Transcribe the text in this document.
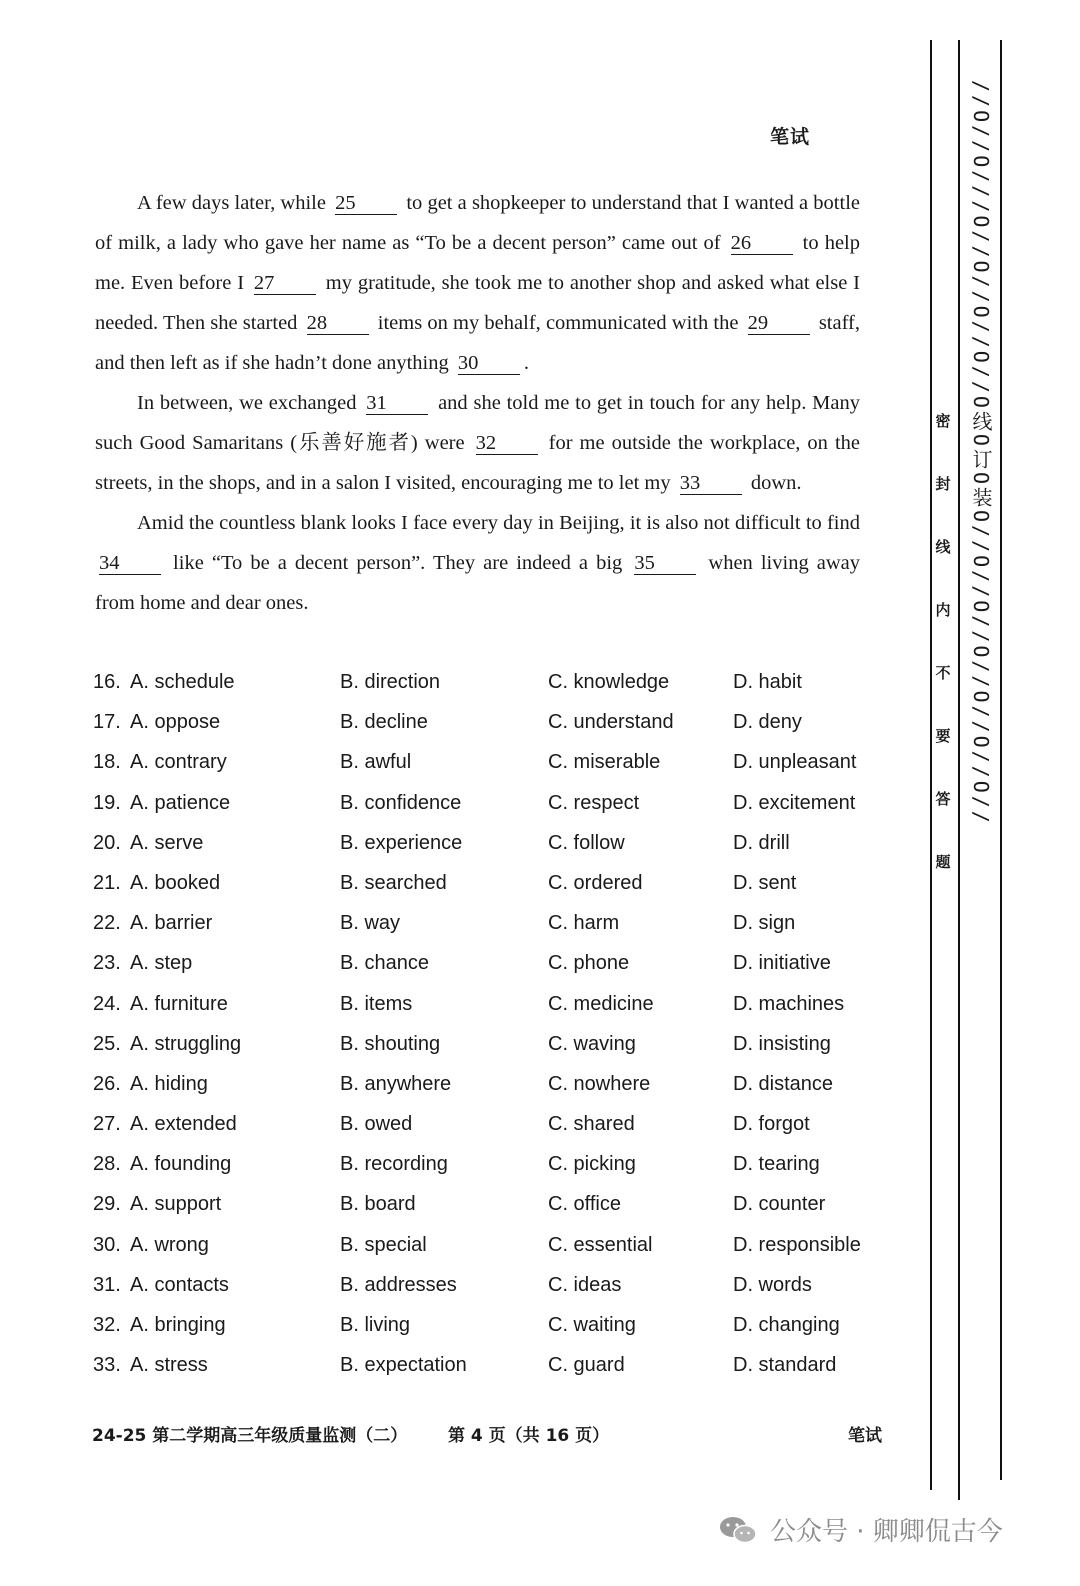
笔试

A few days later, while 25 to get a shopkeeper to understand that I wanted a bottle of milk, a lady who gave her name as “To be a decent person” came out of 26 to help me. Even before I 27 my gratitude, she took me to another shop and asked what else I needed. Then she started 28 items on my behalf, communicated with the 29 staff, and then left as if she hadn’t done anything 30 .

In between, we exchanged 31 and she told me to get in touch for any help. Many such Good Samaritans (乐善好施者) were 32 for me outside the workplace, on the streets, in the shops, and in a salon I visited, encouraging me to let my 33 down.

Amid the countless blank looks I face every day in Beijing, it is also not difficult to find 34 like “To be a decent person”. They are indeed a big 35 when living away from home and dear ones.

16. A. schedule	B. direction	C. knowledge	D. habit
17. A. oppose	B. decline	C. understand	D. deny
18. A. contrary	B. awful	C. miserable	D. unpleasant
19. A. patience	B. confidence	C. respect	D. excitement
20. A. serve	B. experience	C. follow	D. drill
21. A. booked	B. searched	C. ordered	D. sent
22. A. barrier	B. way	C. harm	D. sign
23. A. step	B. chance	C. phone	D. initiative
24. A. furniture	B. items	C. medicine	D. machines
25. A. struggling	B. shouting	C. waving	D. insisting
26. A. hiding	B. anywhere	C. nowhere	D. distance
27. A. extended	B. owed	C. shared	D. forgot
28. A. founding	B. recording	C. picking	D. tearing
29. A. support	B. board	C. office	D. counter
30. A. wrong	B. special	C. essential	D. responsible
31. A. contacts	B. addresses	C. ideas	D. words
32. A. bringing	B. living	C. waiting	D. changing
33. A. stress	B. expectation	C. guard	D. standard
24-25 第二学期高三年级质量监测（二） 第 4 页（共 16 页）	笔试
密
封
线
内
不
要
答
题
//O//O///O//O//O//O//O线O订O装O//O//O//O//O//O//O//
公众号 · 卿卿侃古今
